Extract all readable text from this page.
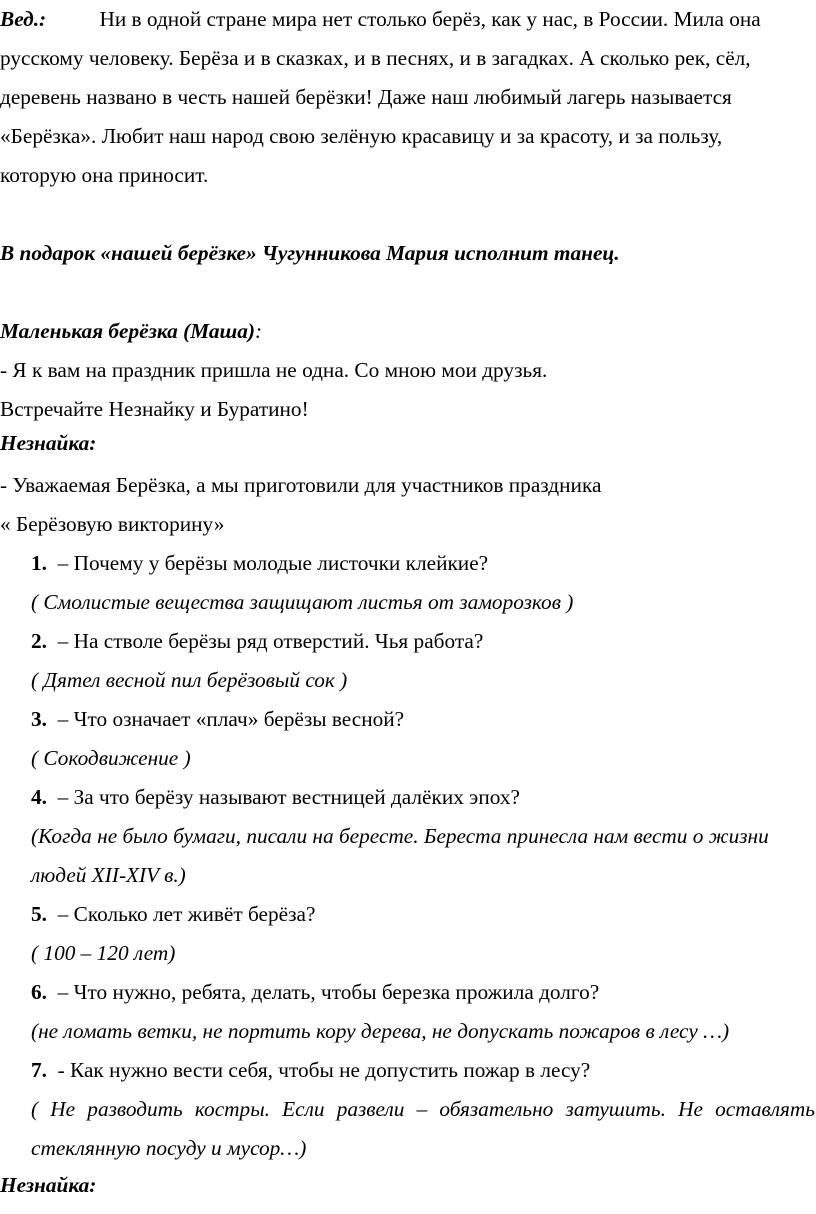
Вед.:	Ни в одной стране мира нет столько берёз, как у нас, в России. Мила она
русскому человеку. Берёза и в сказках, и в песнях, и в загадках. А сколько рек, сёл,
деревень названо в честь нашей берёзки! Даже наш любимый лагерь называется
«Берёзка». Любит наш народ свою зелёную красавицу и за красоту, и за пользу,
которую она приносит.
В подарок «нашей берёзке» Чугунникова Мария исполнит танец.
Маленькая берёзка (Маша):
- Я к вам на праздник пришла не одна. Со мною мои друзья.
Встречайте Незнайку и Буратино!
Незнайка:
- Уважаемая Берёзка, а мы приготовили для участников праздника
« Берёзовую викторину»
1. – Почему у берёзы молодые листочки клейкие?
( Смолистые вещества защищают листья от заморозков )
2. – На стволе берёзы ряд отверстий. Чья работа?
( Дятел весной пил берёзовый сок )
3. – Что означает «плач» берёзы весной?
( Сокодвижение )
4. – За что берёзу называют вестницей далёких эпох?
(Когда не было бумаги, писали на бересте. Береста принесла нам вести о жизни
людей XII-XIV в.)
5. – Сколько лет живёт берёза?
( 100 – 120 лет)
6. – Что нужно, ребята, делать, чтобы березка прожила долго?
(не ломать ветки, не портить кору дерева, не допускать пожаров в лесу …)
7. - Как нужно вести себя, чтобы не допустить пожар в лесу?
( Не разводить костры. Если развели – обязательно затушить. Не оставлять
стеклянную посуду и мусор…)
Незнайка:
